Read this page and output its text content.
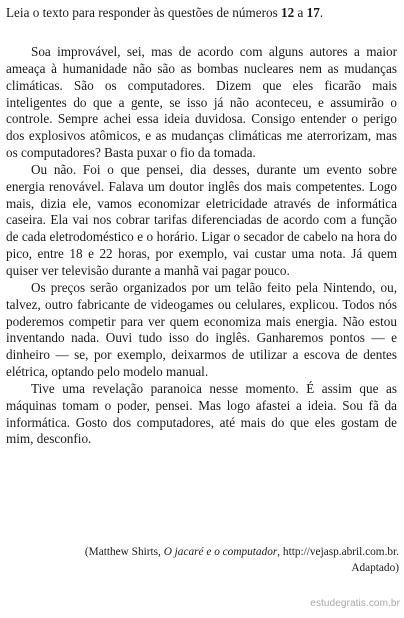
Leia o texto para responder às questões de números 12 a 17.

Soa improvável, sei, mas de acordo com alguns autores a maior ameaça à humanidade não são as bombas nucleares nem as mudanças climáticas. São os computadores. Dizem que eles ficarão mais inteligentes do que a gente, se isso já não aconteceu, e assumirão o controle. Sempre achei essa ideia duvidosa. Consigo entender o perigo dos explosivos atômicos, e as mudanças climáticas me aterrorizam, mas os computadores? Basta puxar o fio da tomada.

Ou não. Foi o que pensei, dia desses, durante um evento sobre energia renovável. Falava um doutor inglês dos mais competentes. Logo mais, dizia ele, vamos economizar eletricidade através de informática caseira. Ela vai nos cobrar tarifas diferenciadas de acordo com a função de cada eletrodoméstico e o horário. Ligar o secador de cabelo na hora do pico, entre 18 e 22 horas, por exemplo, vai custar uma nota. Já quem quiser ver televisão durante a manhã vai pagar pouco.

Os preços serão organizados por um telão feito pela Nintendo, ou, talvez, outro fabricante de videogames ou celulares, explicou. Todos nós poderemos competir para ver quem economiza mais energia. Não estou inventando nada. Ouvi tudo isso do inglês. Ganharemos pontos — e dinheiro — se, por exemplo, deixarmos de utilizar a escova de dentes elétrica, optando pelo modelo manual.

Tive uma revelação paranoica nesse momento. É assim que as máquinas tomam o poder, pensei. Mas logo afastei a ideia. Sou fã da informática. Gosto dos computadores, até mais do que eles gostam de mim, desconfio.

(Matthew Shirts, O jacaré e o computador, http://vejasp.abril.com.br.
Adaptado)
estudegratis.com.br
